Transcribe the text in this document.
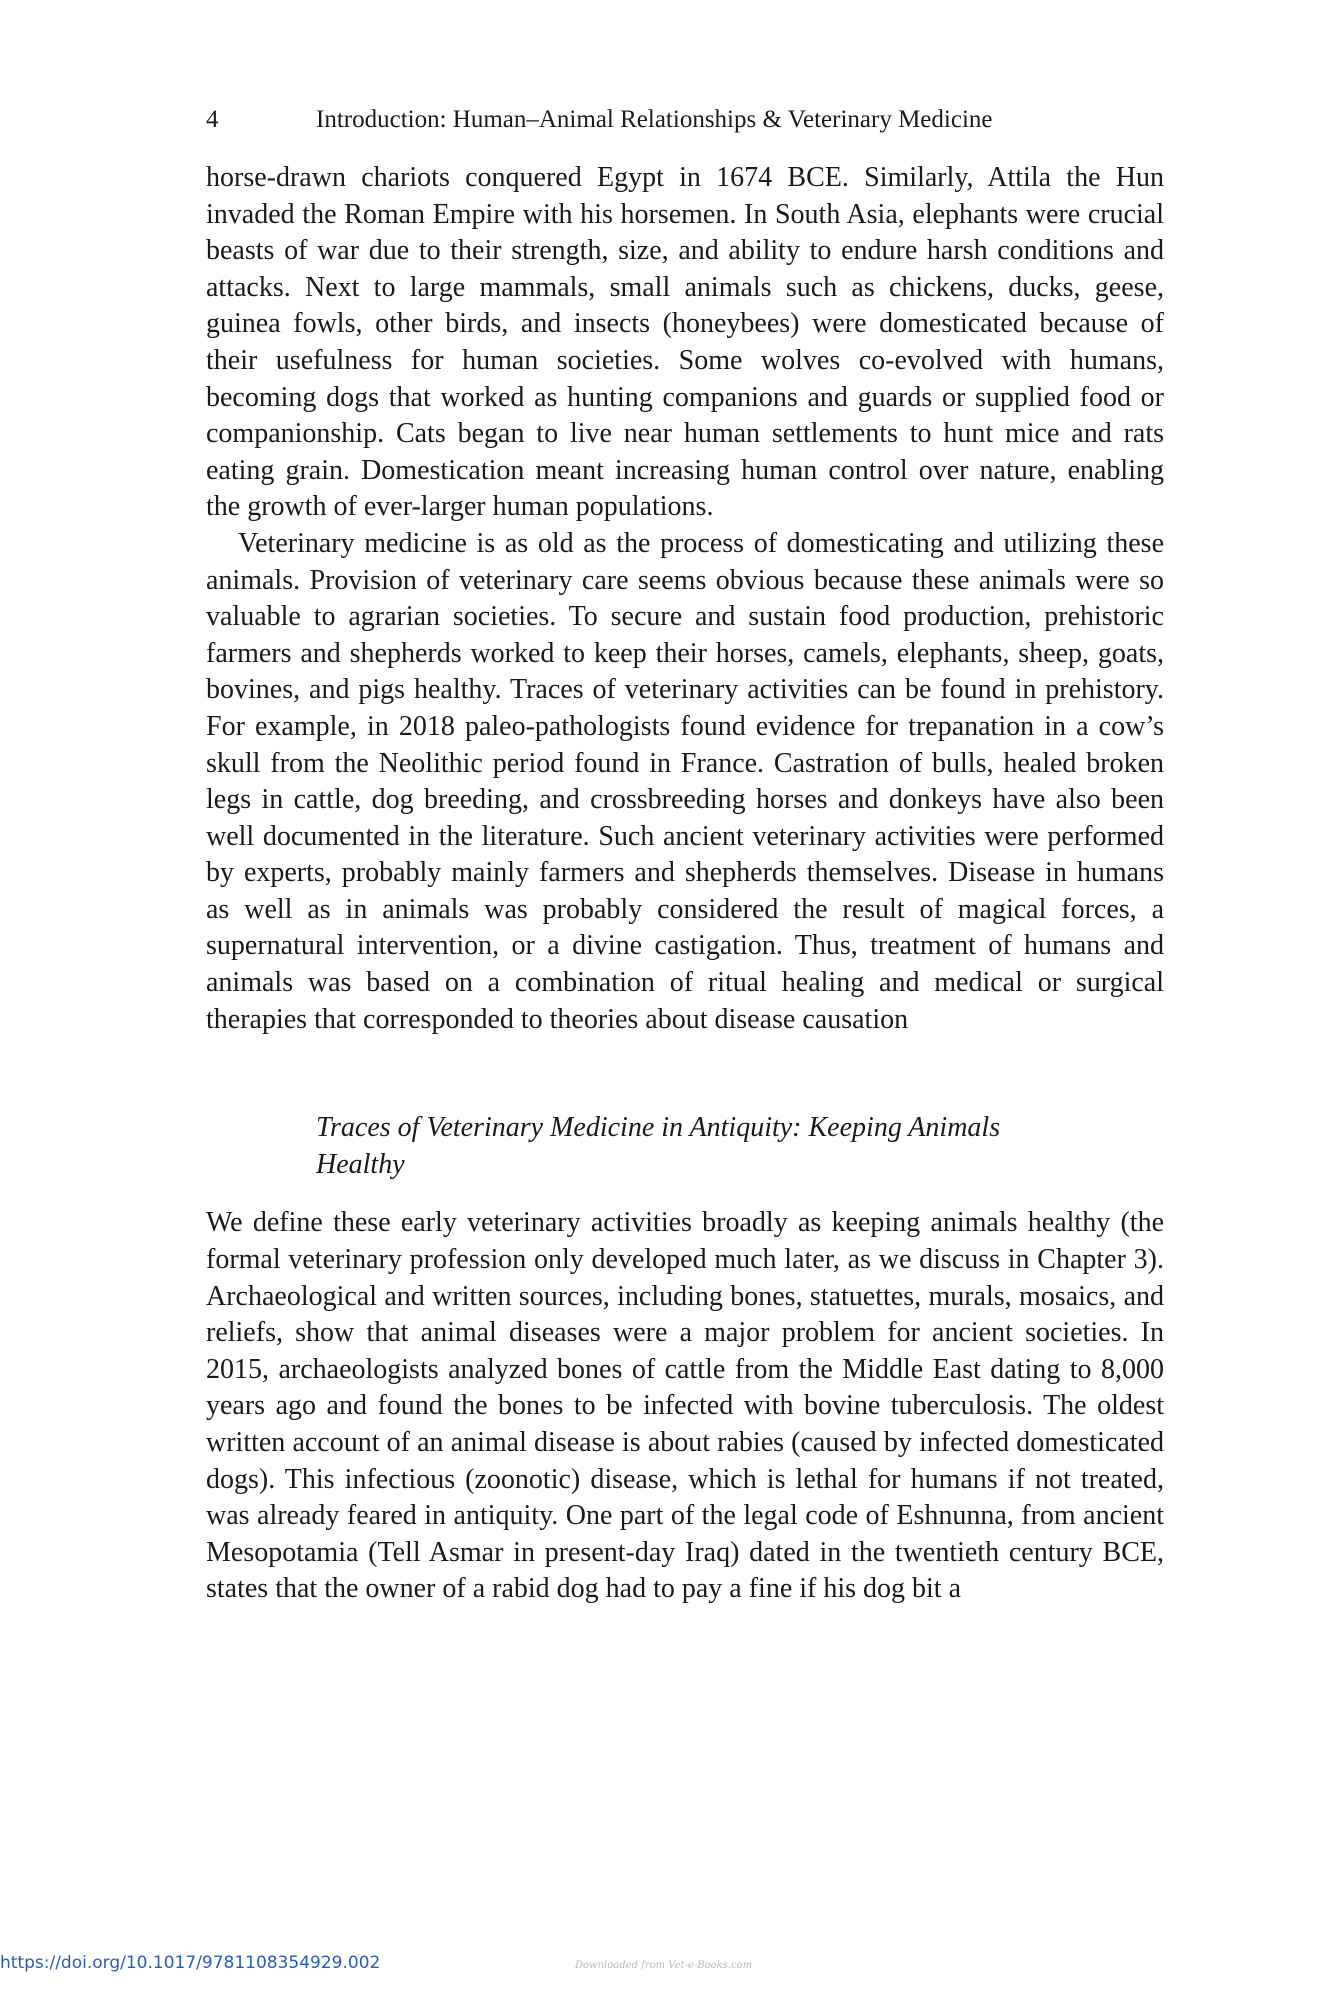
4	Introduction: Human–Animal Relationships & Veterinary Medicine

horse-drawn chariots conquered Egypt in 1674 BCE. Similarly, Attila the Hun invaded the Roman Empire with his horsemen. In South Asia, elephants were crucial beasts of war due to their strength, size, and ability to endure harsh conditions and attacks. Next to large mammals, small animals such as chickens, ducks, geese, guinea fowls, other birds, and insects (honeybees) were domesticated because of their usefulness for human societies. Some wolves co-evolved with humans, becoming dogs that worked as hunting companions and guards or supplied food or companionship. Cats began to live near human settlements to hunt mice and rats eating grain. Domestication meant increasing human control over nature, enabling the growth of ever-larger human populations.

Veterinary medicine is as old as the process of domesticating and utilizing these animals. Provision of veterinary care seems obvious because these animals were so valuable to agrarian societies. To secure and sustain food production, prehistoric farmers and shepherds worked to keep their horses, camels, elephants, sheep, goats, bovines, and pigs healthy. Traces of veterinary activities can be found in prehistory. For example, in 2018 paleo-pathologists found evidence for trepanation in a cow’s skull from the Neolithic period found in France. Castration of bulls, healed broken legs in cattle, dog breeding, and crossbreeding horses and donkeys have also been well documented in the literature. Such ancient veterinary activities were performed by experts, probably mainly farmers and shepherds themselves. Disease in humans as well as in animals was probably considered the result of magical forces, a supernatural intervention, or a divine castigation. Thus, treatment of humans and animals was based on a combination of ritual healing and medical or surgical therapies that corresponded to theories about disease causation

Traces of Veterinary Medicine in Antiquity: Keeping Animals Healthy

We define these early veterinary activities broadly as keeping animals healthy (the formal veterinary profession only developed much later, as we discuss in Chapter 3). Archaeological and written sources, including bones, statuettes, murals, mosaics, and reliefs, show that animal diseases were a major problem for ancient societies. In 2015, archaeologists analyzed bones of cattle from the Middle East dating to 8,000 years ago and found the bones to be infected with bovine tuberculosis. The oldest written account of an animal disease is about rabies (caused by infected domesticated dogs). This infectious (zoonotic) disease, which is lethal for humans if not treated, was already feared in antiquity. One part of the legal code of Eshnunna, from ancient Mesopotamia (Tell Asmar in present-day Iraq) dated in the twentieth century BCE, states that the owner of a rabid dog had to pay a fine if his dog bit a

https://doi.org/10.1017/9781108354929.002	Downloaded from Vet-e-Books.com
